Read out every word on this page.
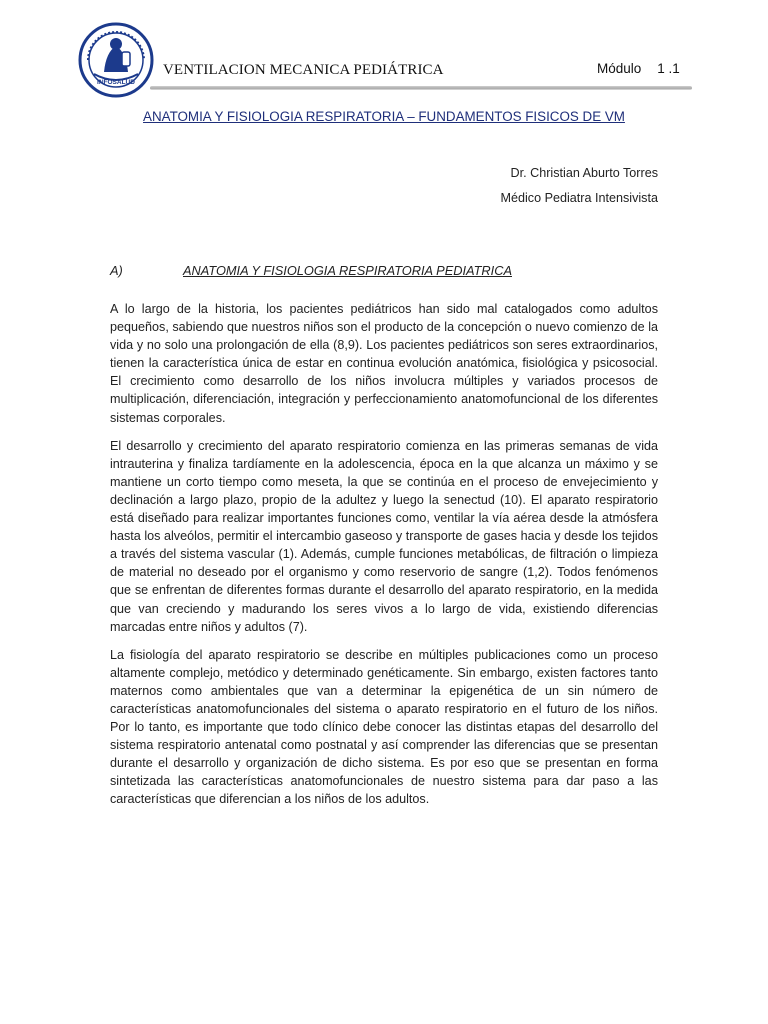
INFOSALUD
VENTILACION MECANICA PEDIÁTRICA	Módulo 1 .1
ANATOMIA Y FISIOLOGIA RESPIRATORIA – FUNDAMENTOS FISICOS DE VM
Dr. Christian Aburto Torres
Médico Pediatra Intensivista
A)	ANATOMIA Y FISIOLOGIA RESPIRATORIA PEDIATRICA

A lo largo de la historia, los pacientes pediátricos han sido mal catalogados como adultos pequeños, sabiendo que nuestros niños son el producto de la concepción o nuevo comienzo de la vida y no solo una prolongación de ella (8,9). Los pacientes pediátricos son seres extraordinarios, tienen la característica única de estar en continua evolución anatómica, fisiológica y psicosocial. El crecimiento como desarrollo de los niños involucra múltiples y variados procesos de multiplicación, diferenciación, integración y perfeccionamiento anatomofuncional de los diferentes sistemas corporales.

El desarrollo y crecimiento del aparato respiratorio comienza en las primeras semanas de vida intrauterina y finaliza tardíamente en la adolescencia, época en la que alcanza un máximo y se mantiene un corto tiempo como meseta, la que se continúa en el proceso de envejecimiento y declinación a largo plazo, propio de la adultez y luego la senectud (10). El aparato respiratorio está diseñado para realizar importantes funciones como, ventilar la vía aérea desde la atmósfera hasta los alveólos, permitir el intercambio gaseoso y transporte de gases hacia y desde los tejidos a través del sistema vascular (1). Además, cumple funciones metabólicas, de filtración o limpieza de material no deseado por el organismo y como reservorio de sangre (1,2). Todos fenómenos que se enfrentan de diferentes formas durante el desarrollo del aparato respiratorio, en la medida que van creciendo y madurando los seres vivos a lo largo de vida, existiendo diferencias marcadas entre niños y adultos (7).

La fisiología del aparato respiratorio se describe en múltiples publicaciones como un proceso altamente complejo, metódico y determinado genéticamente. Sin embargo, existen factores tanto maternos como ambientales que van a determinar la epigenética de un sin número de características anatomofuncionales del sistema o aparato respiratorio en el futuro de los niños. Por lo tanto, es importante que todo clínico debe conocer las distintas etapas del desarrollo del sistema respiratorio antenatal como postnatal y así comprender las diferencias que se presentan durante el desarrollo y organización de dicho sistema. Es por eso que se presentan en forma sintetizada las características anatomofuncionales de nuestro sistema para dar paso a las características que diferencian a los niños de los adultos.
